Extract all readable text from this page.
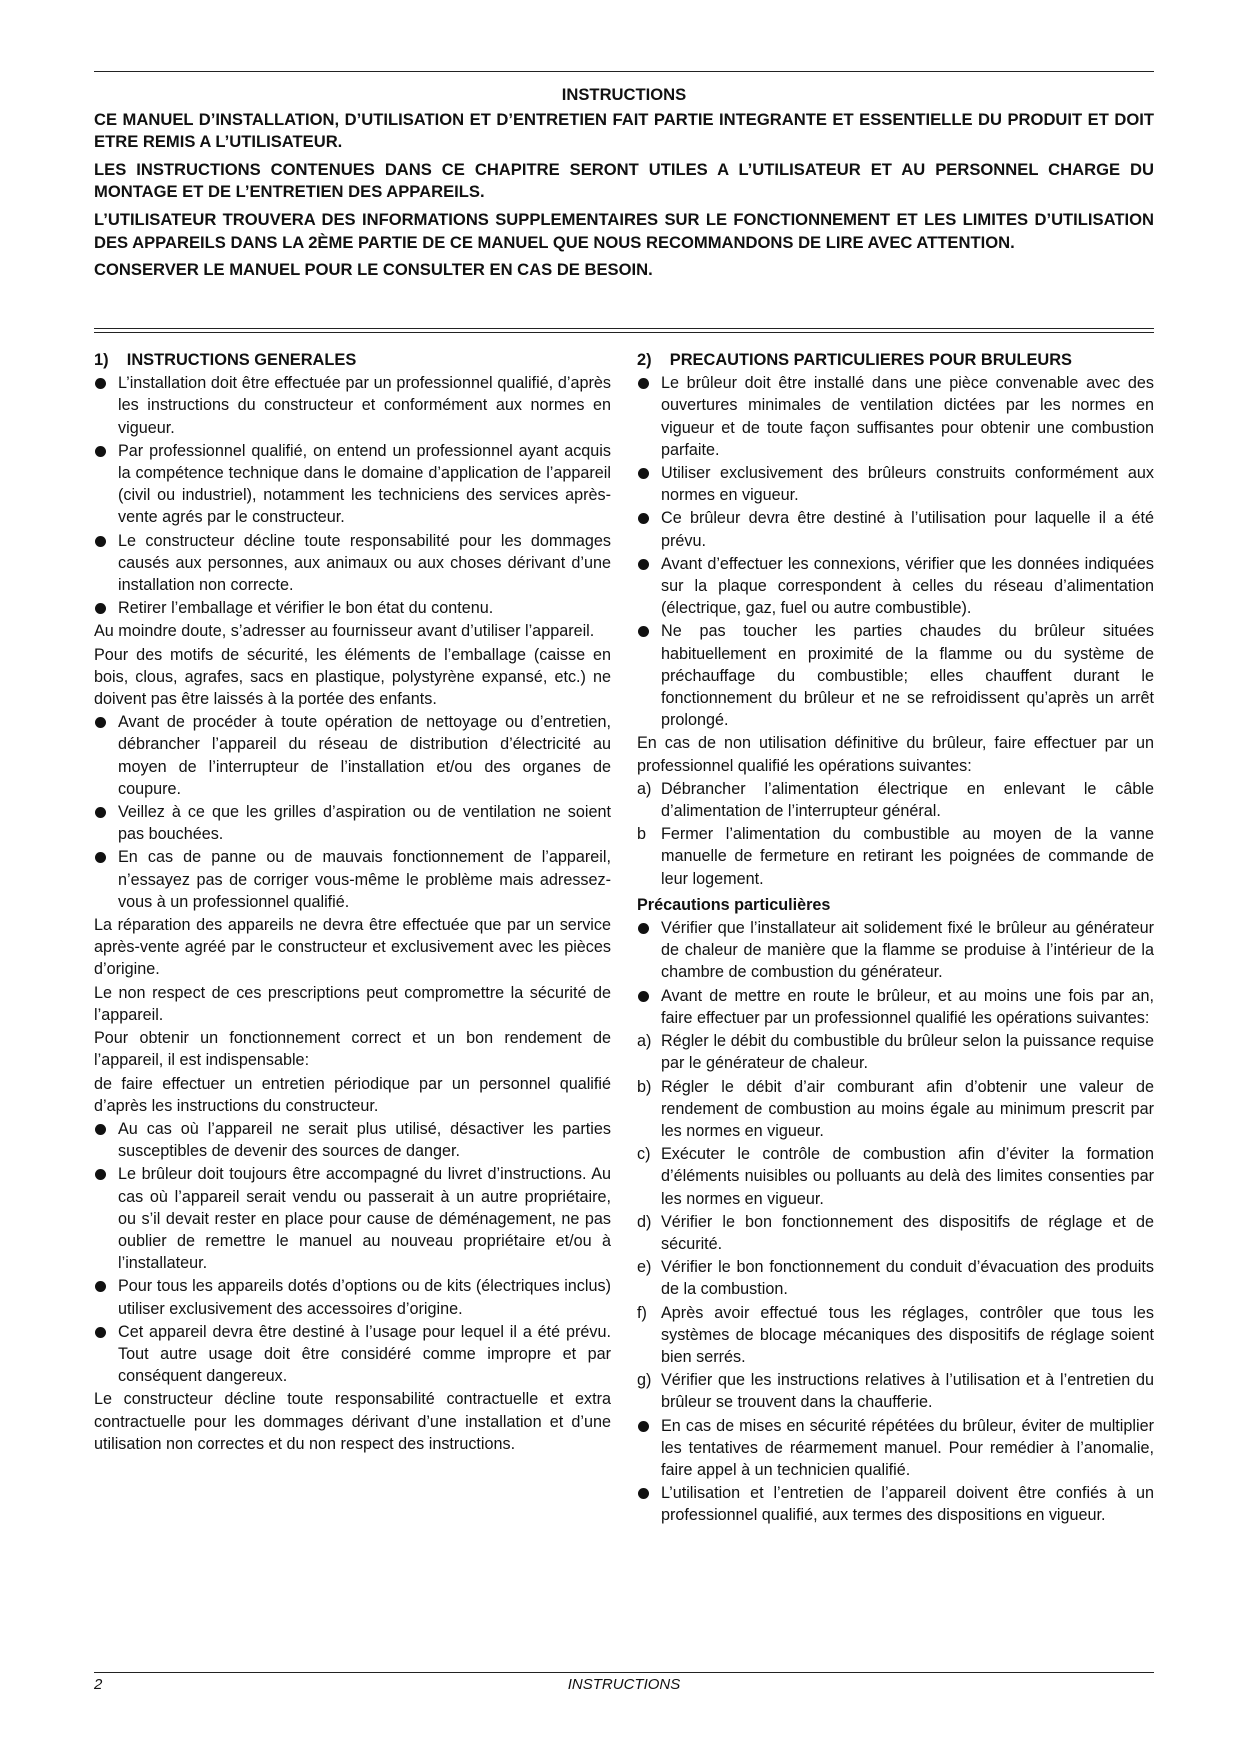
INSTRUCTIONS

CE MANUEL D’INSTALLATION, D’UTILISATION ET D’ENTRETIEN FAIT PARTIE INTEGRANTE ET ESSENTIELLE DU PRODUIT ET DOIT ETRE REMIS A L’UTILISATEUR.

LES INSTRUCTIONS CONTENUES DANS CE CHAPITRE SERONT UTILES A L’UTILISATEUR ET AU PERSONNEL CHARGE DU MONTAGE ET DE L’ENTRETIEN DES APPAREILS.

L’UTILISATEUR TROUVERA DES INFORMATIONS SUPPLEMENTAIRES SUR LE FONCTIONNEMENT ET LES LIMITES D’UTILISATION DES APPAREILS DANS LA 2ÈME PARTIE DE CE MANUEL QUE NOUS RECOMMANDONS DE LIRE AVEC ATTENTION.

CONSERVER LE MANUEL POUR LE CONSULTER EN CAS DE BESOIN.

1)    INSTRUCTIONS GENERALES
L’installation doit être effectuée par un professionnel qualifié, d’après les instructions du constructeur et conformément aux normes en vigueur.
Par professionnel qualifié, on entend un professionnel ayant acquis la compétence technique dans le domaine d’application de l’appareil (civil ou industriel), notamment les techniciens des services après-vente agrés par le constructeur.
Le constructeur décline toute responsabilité pour les dommages causés aux personnes, aux animaux ou aux choses dérivant d’une installation non correcte.
Retirer l’emballage et vérifier le bon état du contenu.

Au moindre doute, s’adresser au fournisseur avant d’utiliser l’appareil.

Pour des motifs de sécurité, les éléments de l’emballage (caisse en bois, clous, agrafes, sacs en plastique, polystyrène expansé, etc.) ne doivent pas être laissés à la portée des enfants.

Avant de procéder à toute opération de nettoyage ou d’entretien, débrancher l’appareil du réseau de distribution d’électricité au moyen de l’interrupteur de l’installation et/ou des organes de coupure.
Veillez à ce que les grilles d’aspiration ou de ventilation ne soient pas bouchées.
En cas de panne ou de mauvais fonctionnement de l’appareil, n’essayez pas de corriger vous-même le problème mais adressez-vous à un professionnel qualifié.

La réparation des appareils ne devra être effectuée que par un service après-vente agréé par le constructeur et exclusivement avec les pièces d’origine.

Le non respect de ces prescriptions peut compromettre la sécurité de l’appareil.

Pour obtenir un fonctionnement correct et un bon rendement de l’appareil, il est indispensable:

de faire effectuer un entretien périodique par un personnel qualifié d’après les instructions du constructeur.

Au cas où l’appareil ne serait plus utilisé, désactiver les parties susceptibles de devenir des sources de danger.
Le brûleur doit toujours être accompagné du livret d’instructions. Au cas où l’appareil serait vendu ou passerait à un autre propriétaire, ou s’il devait rester en place pour cause de déménagement, ne pas oublier de remettre le manuel au nouveau propriétaire et/ou à l’installateur.
Pour tous les appareils dotés d’options ou de kits (électriques inclus) utiliser exclusivement des accessoires d’origine.
Cet appareil devra être destiné à l’usage pour lequel il a été prévu. Tout autre usage doit être considéré comme impropre et par conséquent dangereux.

Le constructeur décline toute responsabilité contractuelle et extra contractuelle pour les dommages dérivant d’une installation et d’une utilisation non correctes et du non respect des instructions.

2)    PRECAUTIONS PARTICULIERES POUR BRULEURS
Le brûleur doit être installé dans une pièce convenable avec des ouvertures minimales de ventilation dictées par les normes en vigueur et de toute façon suffisantes pour obtenir une combustion parfaite.
Utiliser exclusivement des brûleurs construits conformément aux normes en vigueur.
Ce brûleur devra être destiné à l’utilisation pour laquelle il a été prévu.
Avant d’effectuer les connexions, vérifier que les données indiquées sur la plaque correspondent à celles du réseau d’alimentation (électrique, gaz, fuel ou autre combustible).
Ne pas toucher les parties chaudes du brûleur situées habituellement en proximité de la flamme ou du système de préchauffage du combustible; elles chauffent durant le fonctionnement du brûleur et ne se refroidissent qu’après un arrêt prolongé.

En cas de non utilisation définitive du brûleur, faire effectuer par un professionnel qualifié les opérations suivantes:

a) Débrancher l’alimentation électrique en enlevant le câble d’alimentation de l’interrupteur général.
b Fermer l’alimentation du combustible au moyen de la vanne manuelle de fermeture en retirant les poignées de commande de leur logement.
Précautions particulières
Vérifier que l’installateur ait solidement fixé le brûleur au générateur de chaleur de manière que la flamme se produise à l’intérieur de la chambre de combustion du générateur.
Avant de mettre en route le brûleur, et au moins une fois par an, faire effectuer par un professionnel qualifié les opérations suivantes:
a) Régler le débit du combustible du brûleur selon la puissance requise par le générateur de chaleur.
b) Régler le débit d’air comburant afin d’obtenir une valeur de rendement de combustion au moins égale au minimum prescrit par les normes en vigueur.
c) Exécuter le contrôle de combustion afin d’éviter la formation d’éléments nuisibles ou polluants au delà des limites consenties par les normes en vigueur.
d) Vérifier le bon fonctionnement des dispositifs de réglage et de sécurité.
e) Vérifier le bon fonctionnement du conduit d’évacuation des produits de la combustion.
f) Après avoir effectué tous les réglages, contrôler que tous les systèmes de blocage mécaniques des dispositifs de réglage soient bien serrés.
g) Vérifier que les instructions relatives à l’utilisation et à l’entretien du brûleur se trouvent dans la chaufferie.
En cas de mises en sécurité répétées du brûleur, éviter de multiplier les tentatives de réarmement manuel. Pour remédier à l’anomalie, faire appel à un technicien qualifié.
L’utilisation et l’entretien de l’appareil doivent être confiés à un professionnel qualifié, aux termes des dispositions en vigueur.
2	INSTRUCTIONS
